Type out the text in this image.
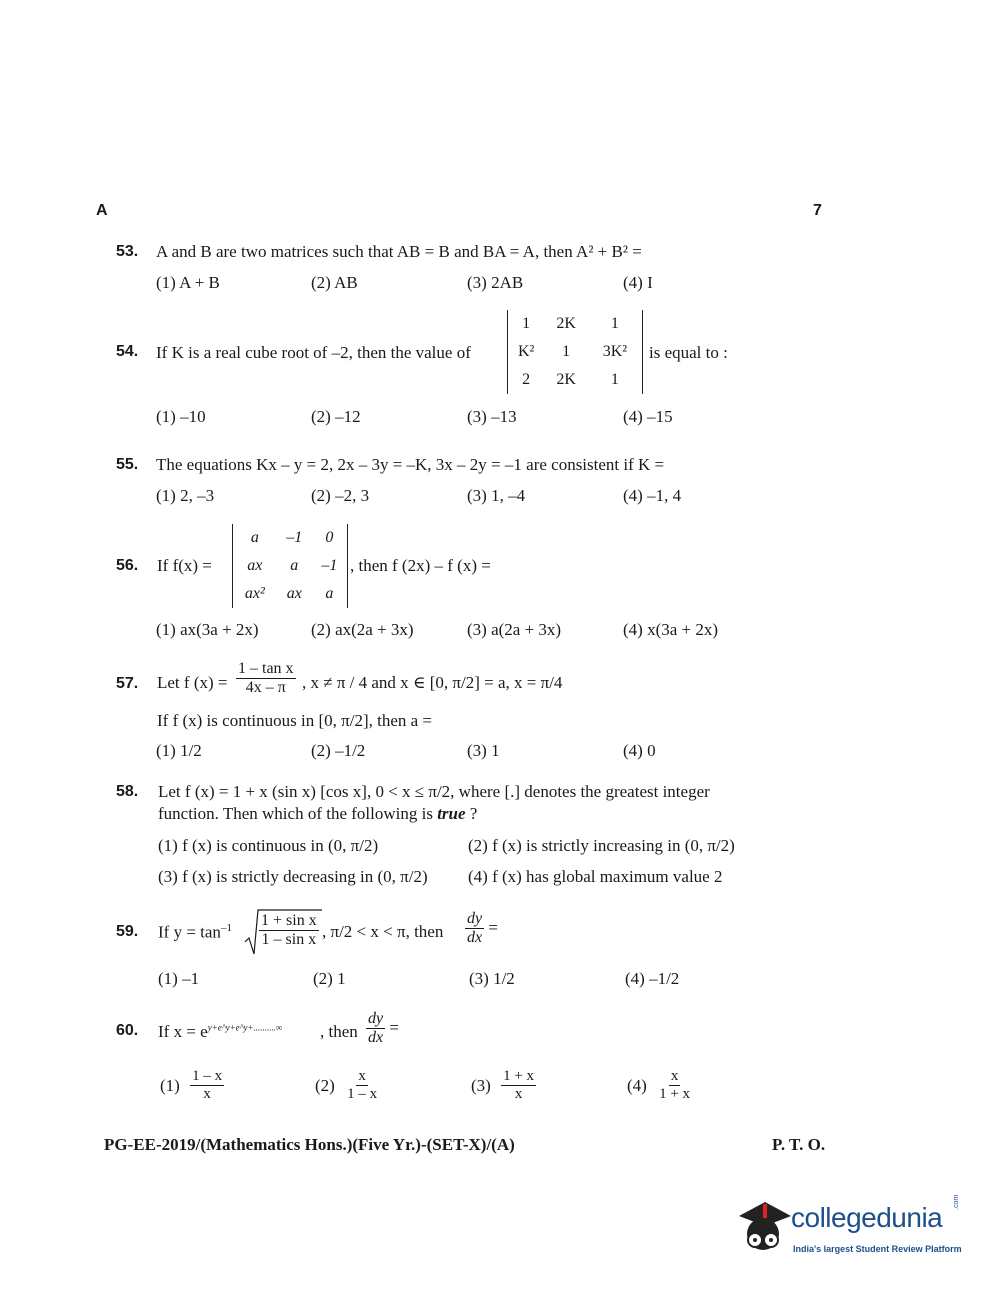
A	7
53. A and B are two matrices such that AB = B and BA = A, then A² + B² =
(1) A + B	(2) AB	(3) 2AB	(4) I
54. If K is a real cube root of –2, then the value of
1	2K	1
K²	1	3K²
2	2K	1
is equal to :
(1) –10	(2) –12	(3) –13	(4) –15
55. The equations Kx – y = 2, 2x – 3y = –K, 3x – 2y = –1 are consistent if K =
(1) 2, –3	(2) –2, 3	(3) 1, –4	(4) –1, 4
56. If f(x) =
a	–1	0
ax	a	–1
ax²	ax	a
, then f (2x) – f (x) =
(1) ax(3a + 2x)	(2) ax(2a + 3x)	(3) a(2a + 3x)	(4) x(3a + 2x)
57. Let f $(x) = \frac{\text{1 – tan x}}{4x - \pi}$ , x ≠ π / 4 and x ∈ [0, π/2] = a, x = π/4
If f (x) is continuous in [0, π/2], then a =
(1) 1/2	(2) –1/2	(3) 1	(4) 0
58. Let f (x) = 1 + x (sin x) [cos x], 0 < x ≤ π/2, where [.] denotes the greatest integer
function. Then which of the following is true ?
(1) f (x) is continuous in (0, π/2)	(2) f (x) is strictly increasing in (0, π/2)
(3) f (x) is strictly decreasing in (0, π/2) (4) f (x) has global maximum value 2
59. If $y = \tan^{-1} \frac{\text{1 + sin x}}{\text{1 – sin x}}$ , π/2 < x < π, then $\frac{dy}{dx}$ =
(1) –1	(2) 1	(3) 1/2	(4) –1/2
60. If $x = e^{y+e\^{}y+e\^{}y+..........\infty}$ , then $\frac{dy}{dx}$ =
$(1) \frac{1 - x}{x}$	$(2) \frac{x}{1 - x}$	$(3) \frac{1 + x}{x}$	$(4) \frac{x}{1 + x}$
PG-EE-2019/(Mathematics Hons.)(Five Yr.)-(SET-X)/(A)	P. T. O.
collegedunia .com
India's largest Student Review Platform
